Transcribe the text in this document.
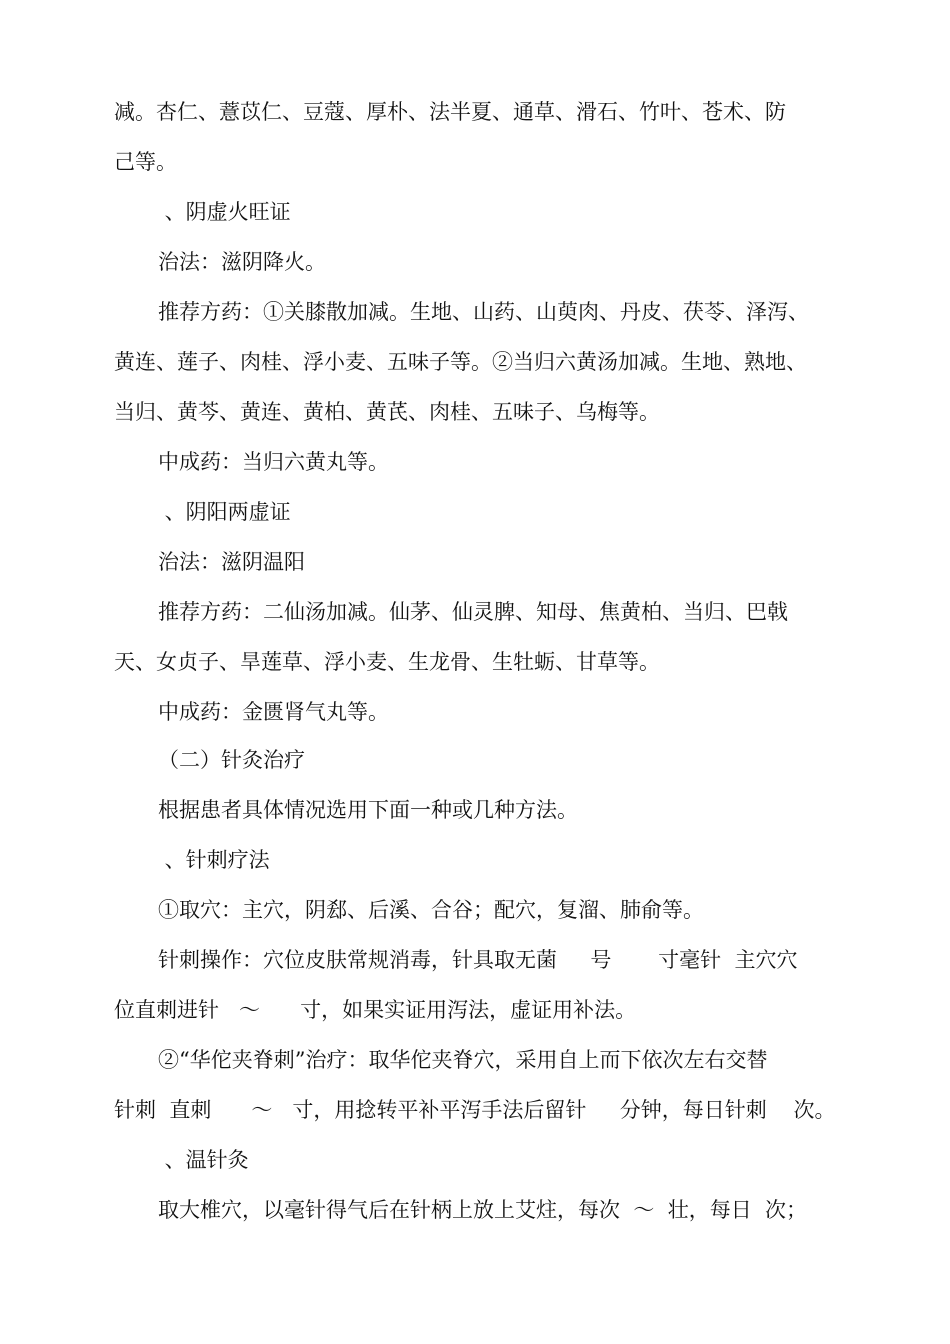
减。杏仁、薏苡仁、豆蔻、厚朴、法半夏、通草、滑石、竹叶、苍术、防

己等。

、阴虚火旺证

治法：滋阴降火。

推荐方药：①关膝散加减。生地、山药、山萸肉、丹皮、茯苓、泽泻、

黄连、莲子、肉桂、浮小麦、五味子等。②当归六黄汤加减。生地、熟地、

当归、黄芩、黄连、黄柏、黄芪、肉桂、五味子、乌梅等。

中成药：当归六黄丸等。

、阴阳两虚证

治法：滋阴温阳

推荐方药：二仙汤加减。仙茅、仙灵脾、知母、焦黄柏、当归、巴戟

天、女贞子、旱莲草、浮小麦、生龙骨、生牡蛎、甘草等。

中成药：金匮肾气丸等。

（二）针灸治疗

根据患者具体情况选用下面一种或几种方法。

、针刺疗法

①取穴：主穴，阴郄、后溪、合谷；配穴，复溜、肺俞等。

针刺操作：穴位皮肤常规消毒，针具取无菌     号       寸毫针  主穴穴

位直刺进针   ～      寸，如果实证用泻法，虚证用补法。

②“华佗夹脊刺”治疗：取华佗夹脊穴，采用自上而下依次左右交替

针刺  直刺      ～   寸，用捻转平补平泻手法后留针     分钟，每日针刺    次。

、温针灸

取大椎穴，以毫针得气后在针柄上放上艾炷，每次  ～  壮，每日  次；
